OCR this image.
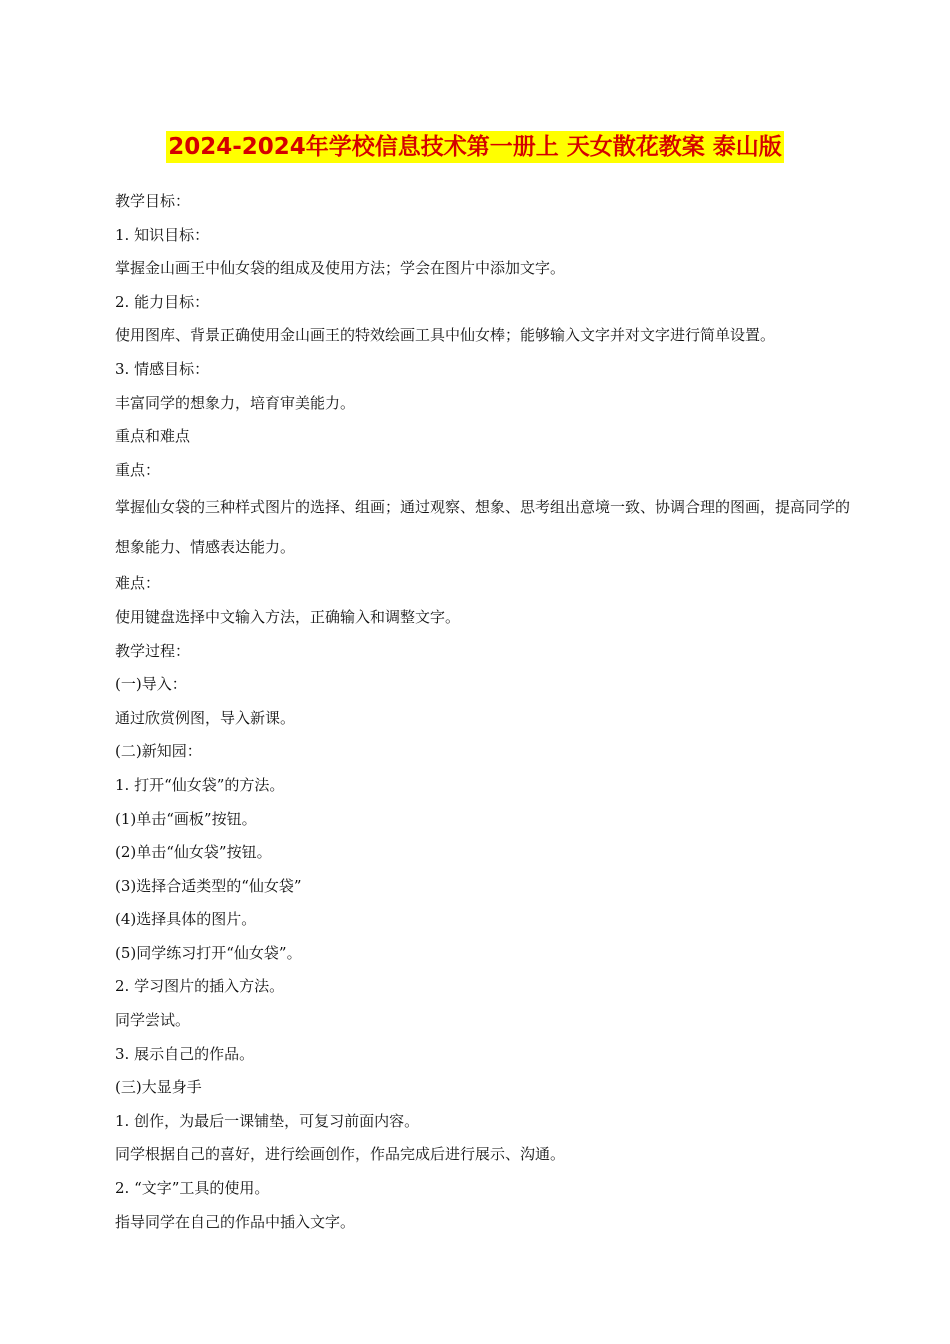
2024-2024年学校信息技术第一册上 天女散花教案 泰山版
教学目标：
1. 知识目标：
掌握金山画王中仙女袋的组成及使用方法；学会在图片中添加文字。
2. 能力目标：
使用图库、背景正确使用金山画王的特效绘画工具中仙女棒；能够输入文字并对文字进行简单设置。
3. 情感目标：
丰富同学的想象力，培育审美能力。
重点和难点
重点：
掌握仙女袋的三种样式图片的选择、组画；通过观察、想象、思考组出意境一致、协调合理的图画，提高同学的想象能力、情感表达能力。
难点：
使用键盘选择中文输入方法，正确输入和调整文字。
教学过程：
(一)导入：
通过欣赏例图，导入新课。
(二)新知园：
1. 打开“仙女袋”的方法。
(1)单击“画板”按钮。
(2)单击“仙女袋”按钮。
(3)选择合适类型的“仙女袋”
(4)选择具体的图片。
(5)同学练习打开“仙女袋”。
2. 学习图片的插入方法。
同学尝试。
3. 展示自己的作品。
(三)大显身手
1. 创作，为最后一课铺垫，可复习前面内容。
同学根据自己的喜好，进行绘画创作，作品完成后进行展示、沟通。
2. “文字”工具的使用。
指导同学在自己的作品中插入文字。
